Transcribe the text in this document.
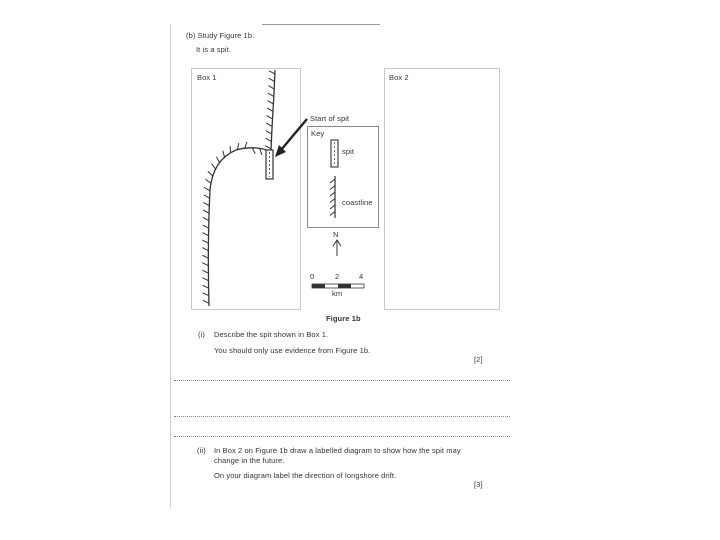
(b) Study Figure 1b.
It is a spit.
Box 1
Start of spit
Key
spit
coastline
N
0	2	4
km
Box 2
Figure 1b
(i) Describe the spit shown in Box 1.
You should only use evidence from Figure 1b.
[2]
(ii) In Box 2 on Figure 1b draw a labelled diagram to show how the spit may
change in the future.
On your diagram label the direction of longshore drift.
[3]
